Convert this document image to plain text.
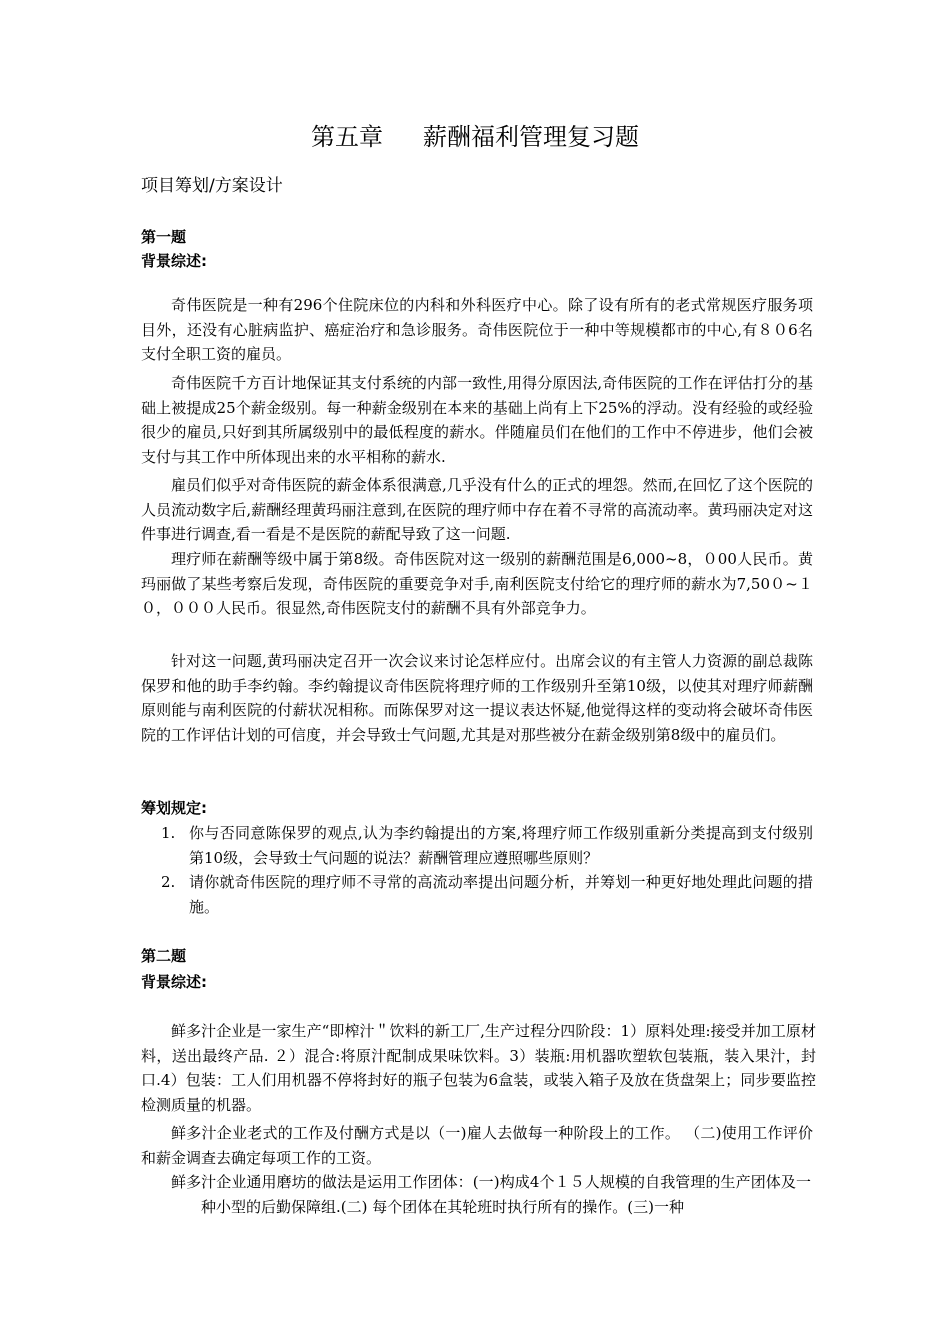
第五章 薪酬福利管理复习题
项目筹划/方案设计
第一题
背景综述:
奇伟医院是一种有296个住院床位的内科和外科医疗中心。除了设有所有的老式常规医疗服务项目外，还没有心脏病监护、癌症治疗和急诊服务。奇伟医院位于一种中等规模都市的中心,有８０6名支付全职工资的雇员。
奇伟医院千方百计地保证其支付系统的内部一致性,用得分原因法,奇伟医院的工作在评估打分的基础上被提成25个薪金级别。每一种薪金级别在本来的基础上尚有上下25%的浮动。没有经验的或经验很少的雇员,只好到其所属级别中的最低程度的薪水。伴随雇员们在他们的工作中不停进步，他们会被支付与其工作中所体现出来的水平相称的薪水.
雇员们似乎对奇伟医院的薪金体系很满意,几乎没有什么的正式的埋怨。然而,在回忆了这个医院的人员流动数字后,薪酬经理黄玛丽注意到,在医院的理疗师中存在着不寻常的高流动率。黄玛丽决定对这件事进行调查,看一看是不是医院的薪配导致了这一问题.
理疗师在薪酬等级中属于第8级。奇伟医院对这一级别的薪酬范围是6,000~8，０00人民币。黄玛丽做了某些考察后发现，奇伟医院的重要竞争对手,南利医院支付给它的理疗师的薪水为7,50０~１０，０００人民币。很显然,奇伟医院支付的薪酬不具有外部竞争力。
针对这一问题,黄玛丽决定召开一次会议来讨论怎样应付。出席会议的有主管人力资源的副总裁陈保罗和他的助手李约翰。李约翰提议奇伟医院将理疗师的工作级别升至第10级，以使其对理疗师薪酬原则能与南利医院的付薪状况相称。而陈保罗对这一提议表达怀疑,他觉得这样的变动将会破坏奇伟医院的工作评估计划的可信度，并会导致士气问题,尤其是对那些被分在薪金级别第8级中的雇员们。
筹划规定:
1. 你与否同意陈保罗的观点,认为李约翰提出的方案,将理疗师工作级别重新分类提高到支付级别第10级，会导致士气问题的说法？薪酬管理应遵照哪些原则？
2. 请你就奇伟医院的理疗师不寻常的高流动率提出问题分析，并筹划一种更好地处理此问题的措施。
第二题
背景综述:
鲜多汁企业是一家生产“即榨汁＂饮料的新工厂,生产过程分四阶段：1）原料处理:接受并加工原材料，送出最终产品. ２）混合:将原汁配制成果味饮料。3）装瓶:用机器吹塑软包装瓶，装入果汁，封口.4）包装：工人们用机器不停将封好的瓶子包装为6盒装，或装入箱子及放在货盘架上；同步要监控检测质量的机器。
鲜多汁企业老式的工作及付酬方式是以（一)雇人去做每一种阶段上的工作。 （二)使用工作评价和薪金调查去确定每项工作的工资。
鲜多汁企业通用磨坊的做法是运用工作团体：(一)构成4个１５人规模的自我管理的生产团体及一种小型的后勤保障组.(二) 每个团体在其轮班时执行所有的操作。(三)一种
